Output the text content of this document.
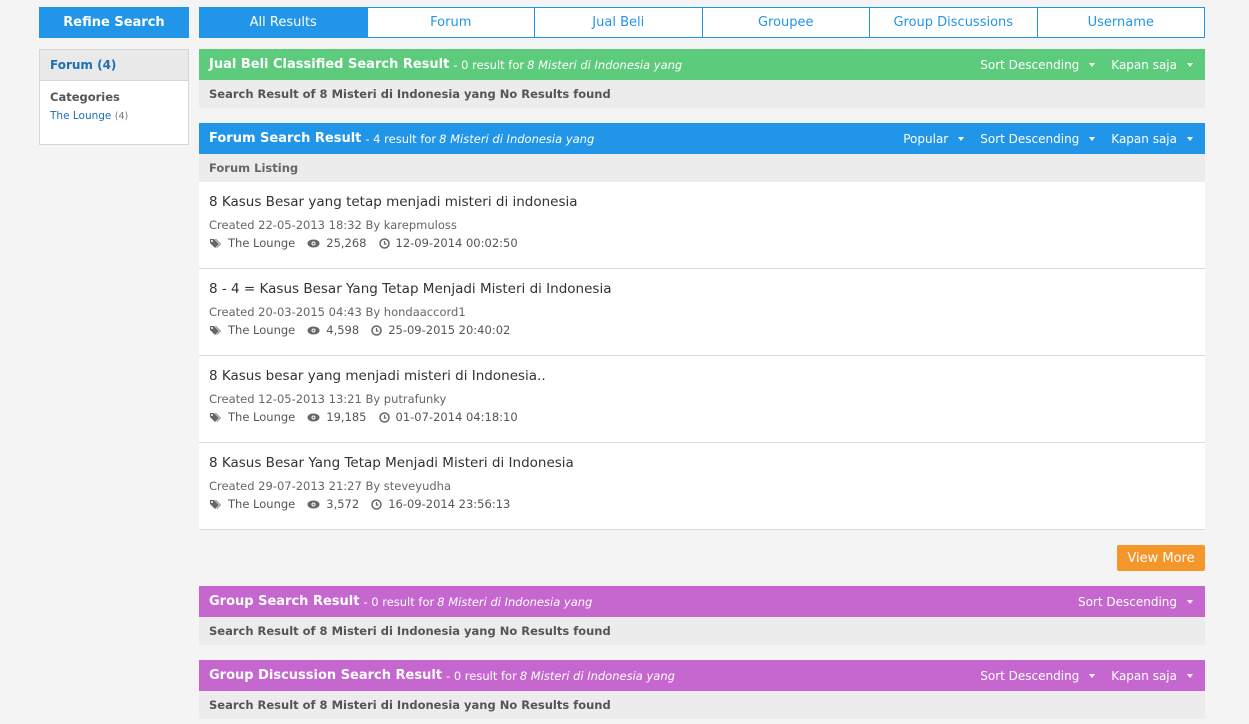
Refine Search
Forum (4)
Categories
The Lounge (4)
All Results	Forum	Jual Beli	Groupee	Group Discussions	Username
Jual Beli Classified Search Result - 0 result for 8 Misteri di Indonesia yang	Sort Descending	Kapan saja
Search Result of 8 Misteri di Indonesia yang No Results found
Forum Search Result - 4 result for 8 Misteri di Indonesia yang	Popular	Sort Descending	Kapan saja
Forum Listing
8 Kasus Besar yang tetap menjadi misteri di indonesia
Created 22-05-2013 18:32 By karepmuloss
The Lounge	25,268	12-09-2014 00:02:50
8 - 4 = Kasus Besar Yang Tetap Menjadi Misteri di Indonesia
Created 20-03-2015 04:43 By hondaaccord1
The Lounge	4,598	25-09-2015 20:40:02
8 Kasus besar yang menjadi misteri di Indonesia..
Created 12-05-2013 13:21 By putrafunky
The Lounge	19,185	01-07-2014 04:18:10
8 Kasus Besar Yang Tetap Menjadi Misteri di Indonesia
Created 29-07-2013 21:27 By steveyudha
The Lounge	3,572	16-09-2014 23:56:13
View More
Group Search Result - 0 result for 8 Misteri di Indonesia yang	Sort Descending
Search Result of 8 Misteri di Indonesia yang No Results found
Group Discussion Search Result - 0 result for 8 Misteri di Indonesia yang	Sort Descending	Kapan saja
Search Result of 8 Misteri di Indonesia yang No Results found
